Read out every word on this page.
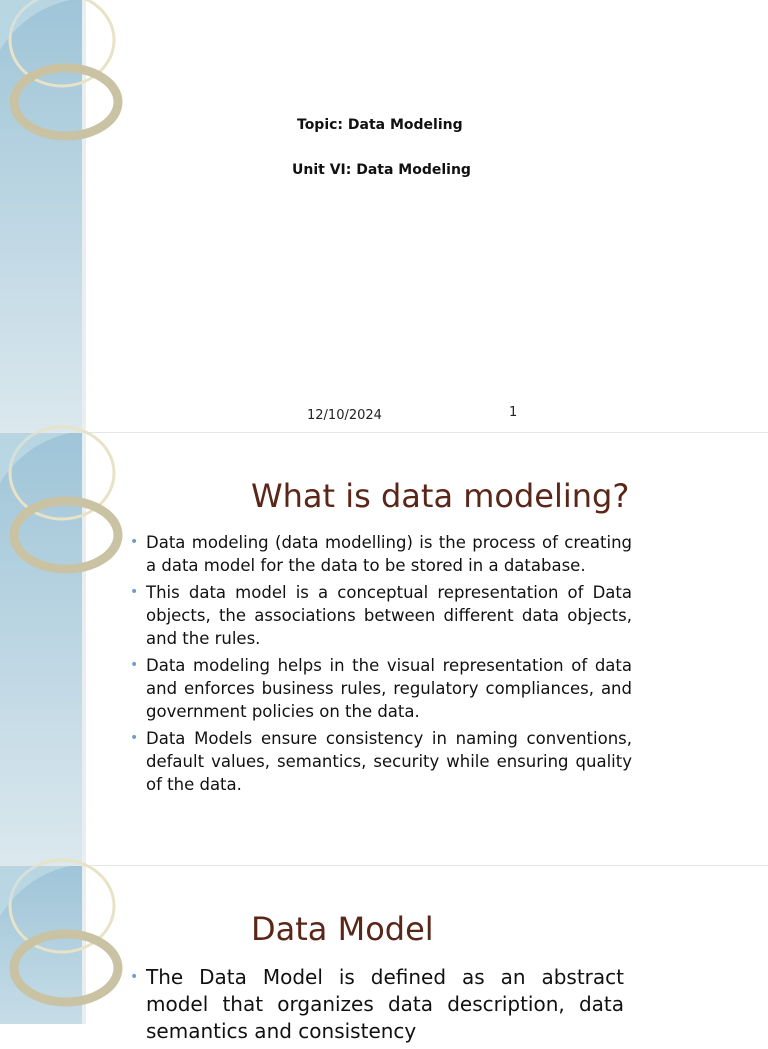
Topic: Data Modeling
Unit VI: Data Modeling
12/10/2024	1
What is data modeling?
• Data modeling (data modelling) is the process of creating a data model for the data to be stored in a database.
• This data model is a conceptual representation of Data objects, the associations between different data objects, and the rules.
• Data modeling helps in the visual representation of data and enforces business rules, regulatory compliances, and government policies on the data.
• Data Models ensure consistency in naming conventions, default values, semantics, security while ensuring quality of the data.
Data Model
• The Data Model is defined as an abstract model that organizes data description, data semantics and consistency
